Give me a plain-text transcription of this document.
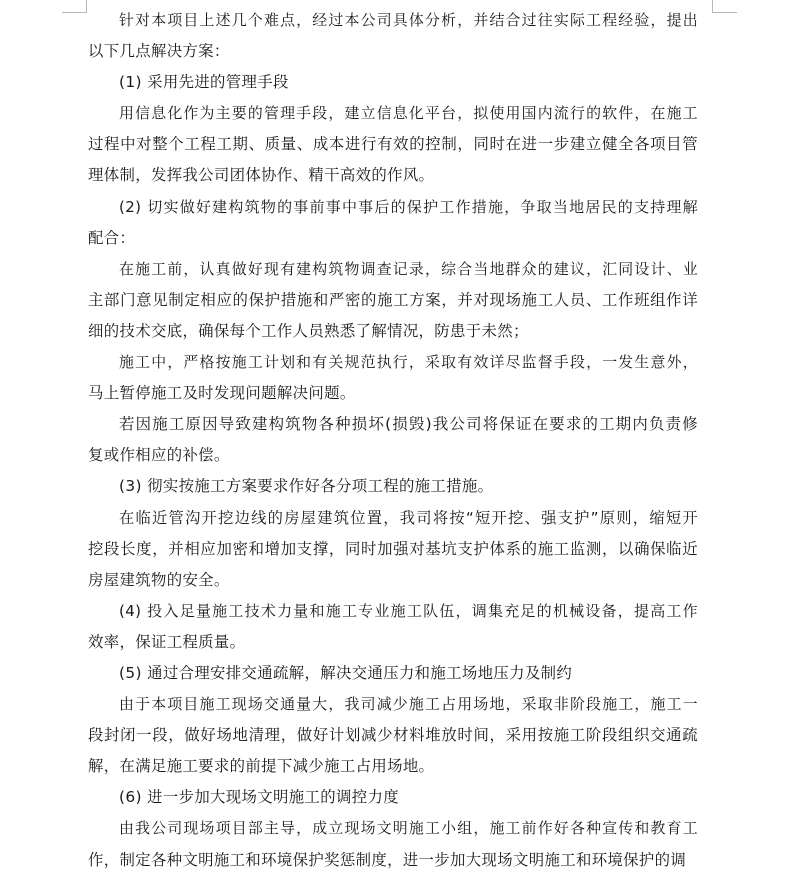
针对本项目上述几个难点，经过本公司具体分析，并结合过往实际工程经验，提出
以下几点解决方案：
(1) 采用先进的管理手段
用信息化作为主要的管理手段，建立信息化平台，拟使用国内流行的软件，在施工
过程中对整个工程工期、质量、成本进行有效的控制，同时在进一步建立健全各项目管
理体制，发挥我公司团体协作、精干高效的作风。
(2) 切实做好建构筑物的事前事中事后的保护工作措施，争取当地居民的支持理解
配合：
在施工前，认真做好现有建构筑物调查记录，综合当地群众的建议，汇同设计、业
主部门意见制定相应的保护措施和严密的施工方案，并对现场施工人员、工作班组作详
细的技术交底，确保每个工作人员熟悉了解情况，防患于未然；
施工中，严格按施工计划和有关规范执行，采取有效详尽监督手段，一发生意外，
马上暂停施工及时发现问题解决问题。
若因施工原因导致建构筑物各种损坏(损毁)我公司将保证在要求的工期内负责修
复或作相应的补偿。
(3) 彻实按施工方案要求作好各分项工程的施工措施。
在临近管沟开挖边线的房屋建筑位置，我司将按“短开挖、强支护”原则，缩短开
挖段长度，并相应加密和增加支撑，同时加强对基坑支护体系的施工监测，以确保临近
房屋建筑物的安全。
(4) 投入足量施工技术力量和施工专业施工队伍，调集充足的机械设备，提高工作
效率，保证工程质量。
(5) 通过合理安排交通疏解，解决交通压力和施工场地压力及制约
由于本项目施工现场交通量大，我司减少施工占用场地，采取非阶段施工，施工一
段封闭一段，做好场地清理，做好计划减少材料堆放时间，采用按施工阶段组织交通疏
解，在满足施工要求的前提下减少施工占用场地。
(6) 进一步加大现场文明施工的调控力度
由我公司现场项目部主导，成立现场文明施工小组，施工前作好各种宣传和教育工
作，制定各种文明施工和环境保护奖惩制度，进一步加大现场文明施工和环境保护的调
